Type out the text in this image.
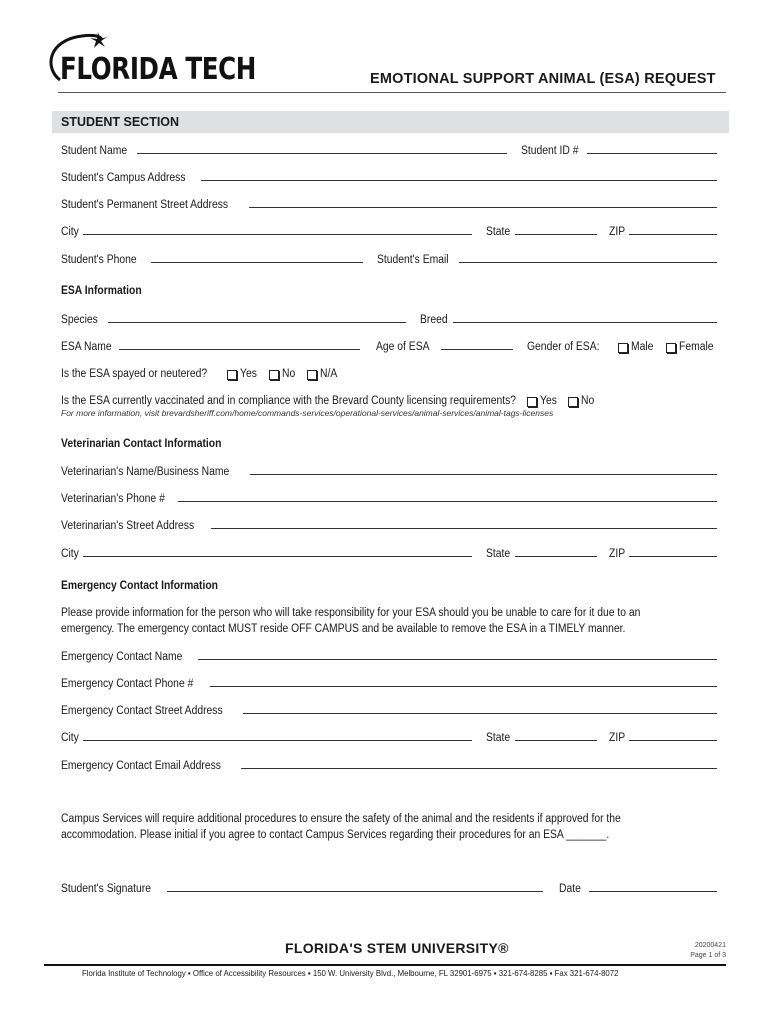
FLORIDA TECH	EMOTIONAL SUPPORT ANIMAL (ESA) REQUEST
STUDENT SECTION
Student Name	Student ID #
Student's Campus Address
Student's Permanent Street Address
City	State	ZIP
Student's Phone	Student's Email
ESA Information
Species	Breed
ESA Name	Age of ESA	Gender of ESA:	Male Female
Is the ESA spayed or neutered?	Yes No N/A
Is the ESA currently vaccinated and in compliance with the Brevard County licensing requirements? Yes No
For more information, visit brevardsheriff.com/home/commands-services/operational-services/animal-services/animal-tags-licenses
Veterinarian Contact Information
Veterinarian's Name/Business Name
Veterinarian's Phone #
Veterinarian's Street Address
City	State	ZIP
Emergency Contact Information
Please provide information for the person who will take responsibility for your ESA should you be unable to care for it due to an emergency. The emergency contact MUST reside OFF CAMPUS and be available to remove the ESA in a TIMELY manner.
Emergency Contact Name
Emergency Contact Phone #
Emergency Contact Street Address
City	State	ZIP
Emergency Contact Email Address
Campus Services will require additional procedures to ensure the safety of the animal and the residents if approved for the accommodation. Please initial if you agree to contact Campus Services regarding their procedures for an ESA _______.
Student's Signature	Date
FLORIDA'S STEM UNIVERSITY®	20200421
Page 1 of 3
Florida Institute of Technology ▪ Office of Accessibility Resources ▪ 150 W. University Blvd., Melbourne, FL 32901-6975 ▪ 321-674-8285 ▪ Fax 321-674-8072
